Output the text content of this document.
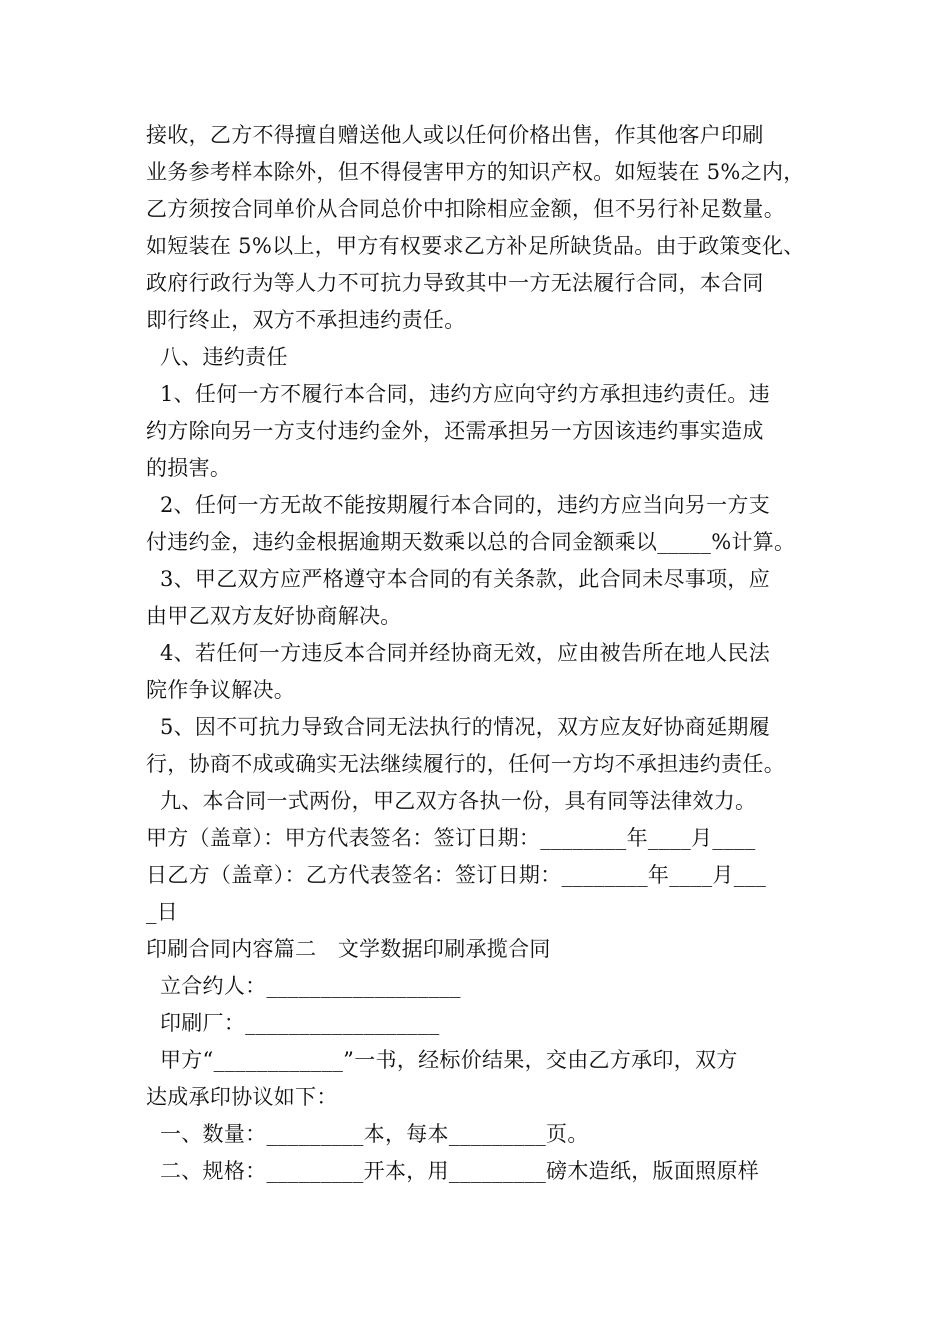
接收，乙方不得擅自赠送他人或以任何价格出售，作其他客户印刷
业务参考样本除外，但不得侵害甲方的知识产权。如短装在 5%之内，
乙方须按合同单价从合同总价中扣除相应金额，但不另行补足数量。
如短装在 5%以上，甲方有权要求乙方补足所缺货品。由于政策变化、
政府行政行为等人力不可抗力导致其中一方无法履行合同，本合同
即行终止，双方不承担违约责任。
八、违约责任
1、任何一方不履行本合同，违约方应向守约方承担违约责任。违
约方除向另一方支付违约金外，还需承担另一方因该违约事实造成
的损害。
2、任何一方无故不能按期履行本合同的，违约方应当向另一方支
付违约金，违约金根据逾期天数乘以总的合同金额乘以_____%计算。
3、甲乙双方应严格遵守本合同的有关条款，此合同未尽事项，应
由甲乙双方友好协商解决。
4、若任何一方违反本合同并经协商无效，应由被告所在地人民法
院作争议解决。
5、因不可抗力导致合同无法执行的情况，双方应友好协商延期履
行，协商不成或确实无法继续履行的，任何一方均不承担违约责任。
九、本合同一式两份，甲乙双方各执一份，具有同等法律效力。
甲方（盖章）：甲方代表签名：签订日期：________年____月____
日乙方（盖章）：乙方代表签名：签订日期：________年____月___
_日
印刷合同内容篇二　文学数据印刷承揽合同
立合约人：__________________
印刷厂：__________________
甲方“____________”一书，经标价结果，交由乙方承印，双方
达成承印协议如下：
一、数量：_________本，每本_________页。
二、规格：_________开本，用_________磅木造纸，版面照原样
